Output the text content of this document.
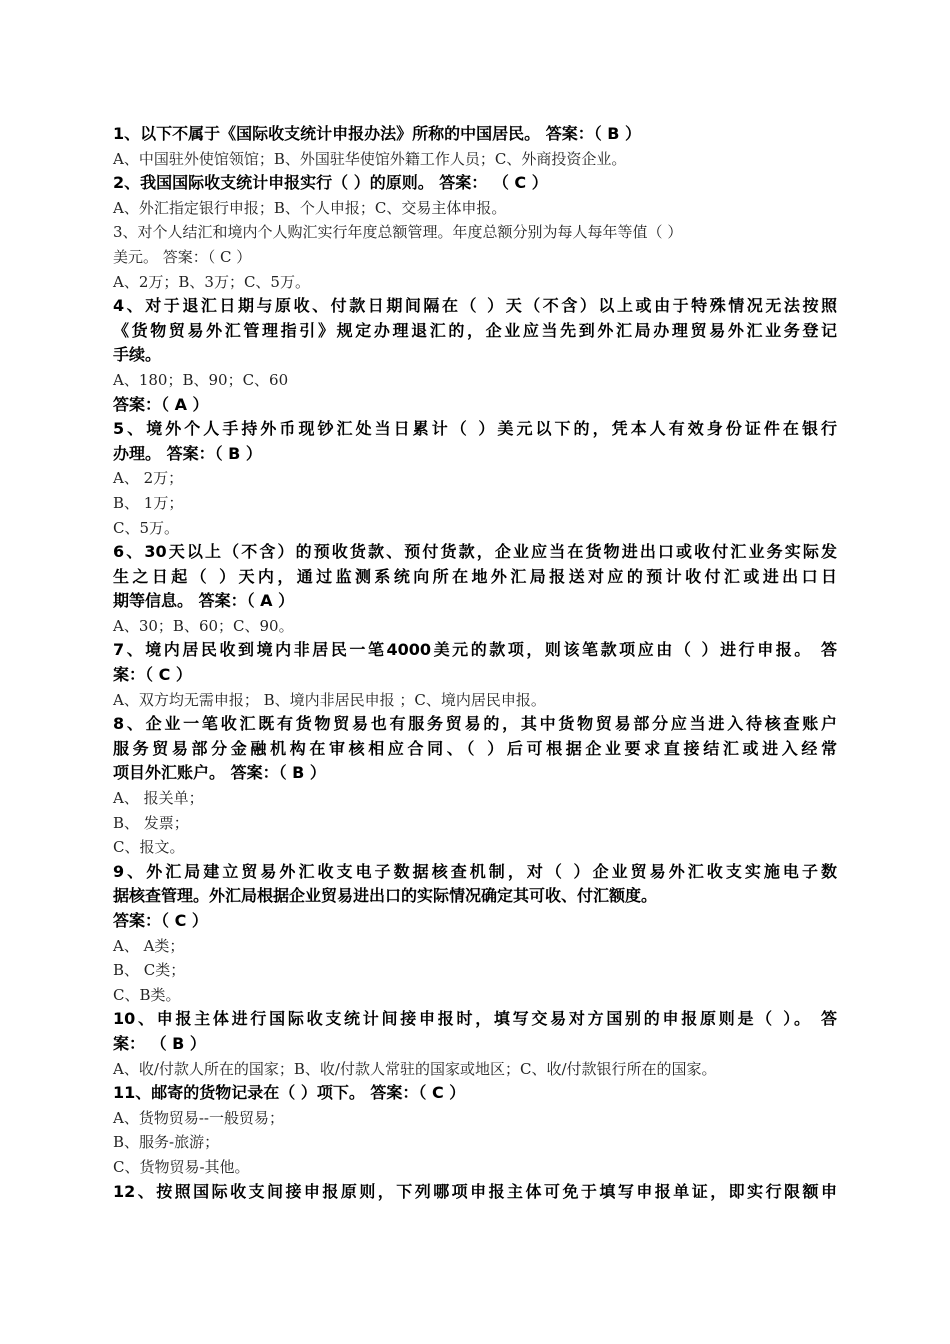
1、以下不属于《国际收支统计申报办法》所称的中国居民。 答案：（ B ）
A、中国驻外使馆领馆；B、外国驻华使馆外籍工作人员；C、外商投资企业。
2、我国国际收支统计申报实行（ ）的原则。 答案： （ C ）
A、外汇指定银行申报；B、个人申报；C、交易主体申报。
3、对个人结汇和境内个人购汇实行年度总额管理。年度总额分别为每人每年等值（ ）
美元。 答案：（ C ）
A、2万；B、3万；C、5万。
4、对于退汇日期与原收、付款日期间隔在（ ）天（不含）以上或由于特殊情况无法按照
《货物贸易外汇管理指引》规定办理退汇的，企业应当先到外汇局办理贸易外汇业务登记
手续。
A、180；B、90；C、60
答案：（ A ）
5、境外个人手持外币现钞汇处当日累计（ ）美元以下的，凭本人有效身份证件在银行
办理。 答案：（ B ）
A、 2万；
B、 1万；
C、5万。
6、30天以上（不含）的预收货款、预付货款，企业应当在货物进出口或收付汇业务实际发
生之日起（ ）天内，通过监测系统向所在地外汇局报送对应的预计收付汇或进出口日
期等信息。 答案：（ A ）
A、30；B、60；C、90。
7、境内居民收到境内非居民一笔4000美元的款项，则该笔款项应由（ ）进行申报。 答
案：（ C ）
A、双方均无需申报； B、境内非居民申报 ；C、境内居民申报。
8、企业一笔收汇既有货物贸易也有服务贸易的，其中货物贸易部分应当进入待核查账户
服务贸易部分金融机构在审核相应合同、（ ）后可根据企业要求直接结汇或进入经常
项目外汇账户。 答案：（ B ）
A、 报关单；
B、 发票；
C、报文。
9、外汇局建立贸易外汇收支电子数据核查机制，对（ ）企业贸易外汇收支实施电子数
据核查管理。外汇局根据企业贸易进出口的实际情况确定其可收、付汇额度。
答案：（ C ）
A、 A类；
B、 C类；
C、B类。
10、申报主体进行国际收支统计间接申报时，填写交易对方国别的申报原则是（ ）。 答
案： （ B ）
A、收/付款人所在的国家；B、收/付款人常驻的国家或地区；C、收/付款银行所在的国家。
11、邮寄的货物记录在（ ）项下。 答案：（ C ）
A、货物贸易--一般贸易；
B、服务-旅游；
C、货物贸易-其他。
12、按照国际收支间接申报原则，下列哪项申报主体可免于填写申报单证，即实行限额申
